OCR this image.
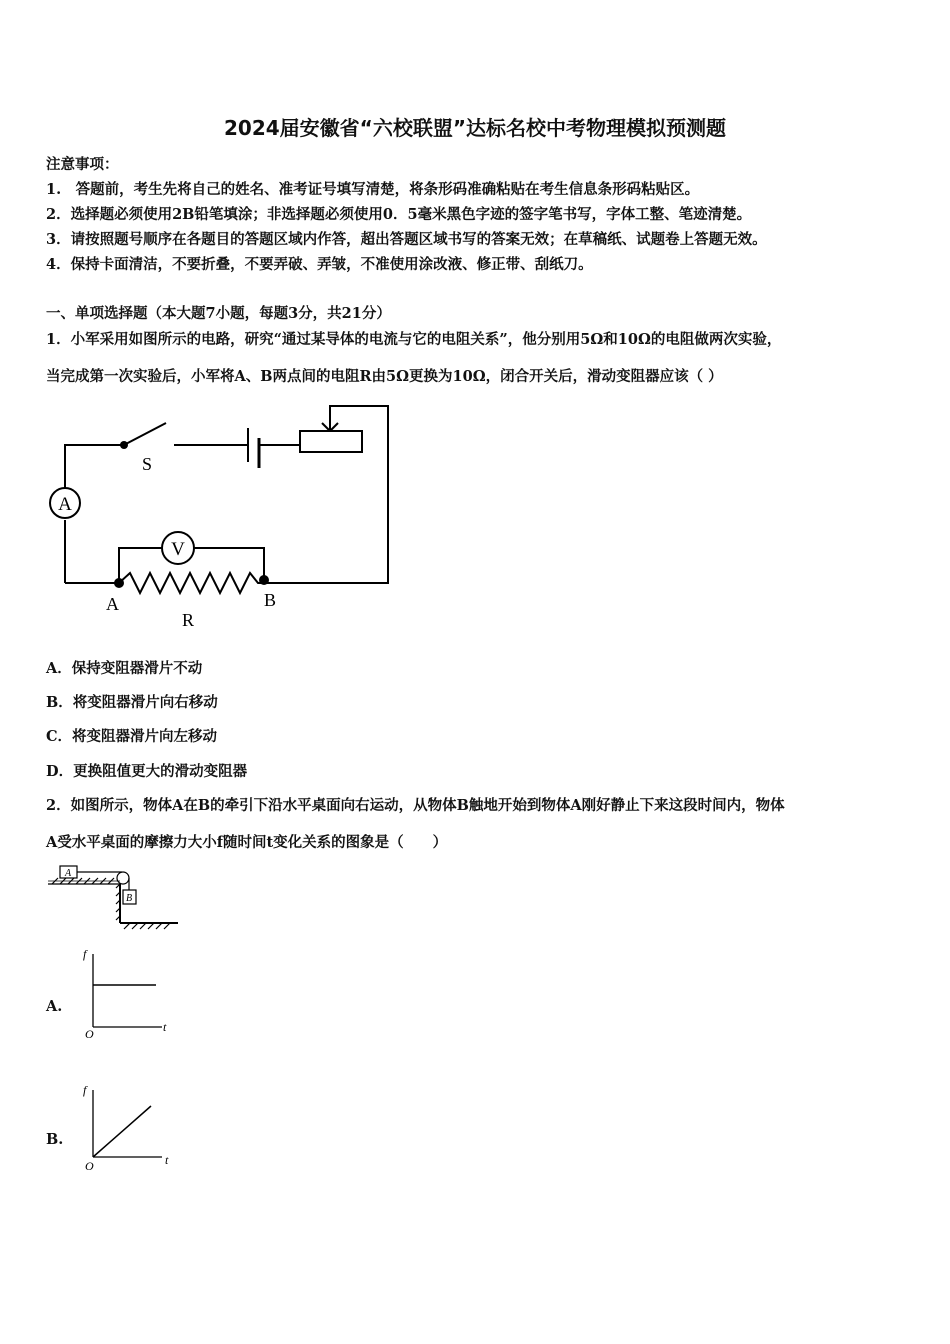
2024届安徽省“六校联盟”达标名校中考物理模拟预测题
注意事项：
1.　答题前，考生先将自己的姓名、准考证号填写清楚，将条形码准确粘贴在考生信息条形码粘贴区。
2．选择题必须使用2B铅笔填涂；非选择题必须使用0．5毫米黑色字迹的签字笔书写，字体工整、笔迹清楚。
3．请按照题号顺序在各题目的答题区域内作答，超出答题区域书写的答案无效；在草稿纸、试题卷上答题无效。
4．保持卡面清洁，不要折叠，不要弄破、弄皱，不准使用涂改液、修正带、刮纸刀。
一、单项选择题（本大题7小题，每题3分，共21分）
1．小军采用如图所示的电路，研究“通过某导体的电流与它的电阻关系”，他分别用5Ω和10Ω的电阻做两次实验，
当完成第一次实验后，小军将A、B两点间的电阻R由5Ω更换为10Ω，闭合开关后，滑动变阻器应该（ ）
A
V
S
A	B
R
A．保持变阻器滑片不动
B．将变阻器滑片向右移动
C．将变阻器滑片向左移动
D．更换阻值更大的滑动变阻器
2．如图所示，物体A在B的牵引下沿水平桌面向右运动，从物体B触地开始到物体A刚好静止下来这段时间内，物体
A受水平桌面的摩擦力大小f随时间t变化关系的图象是（　　）
A
B
A.
f
t
O
B.
f
t
O
